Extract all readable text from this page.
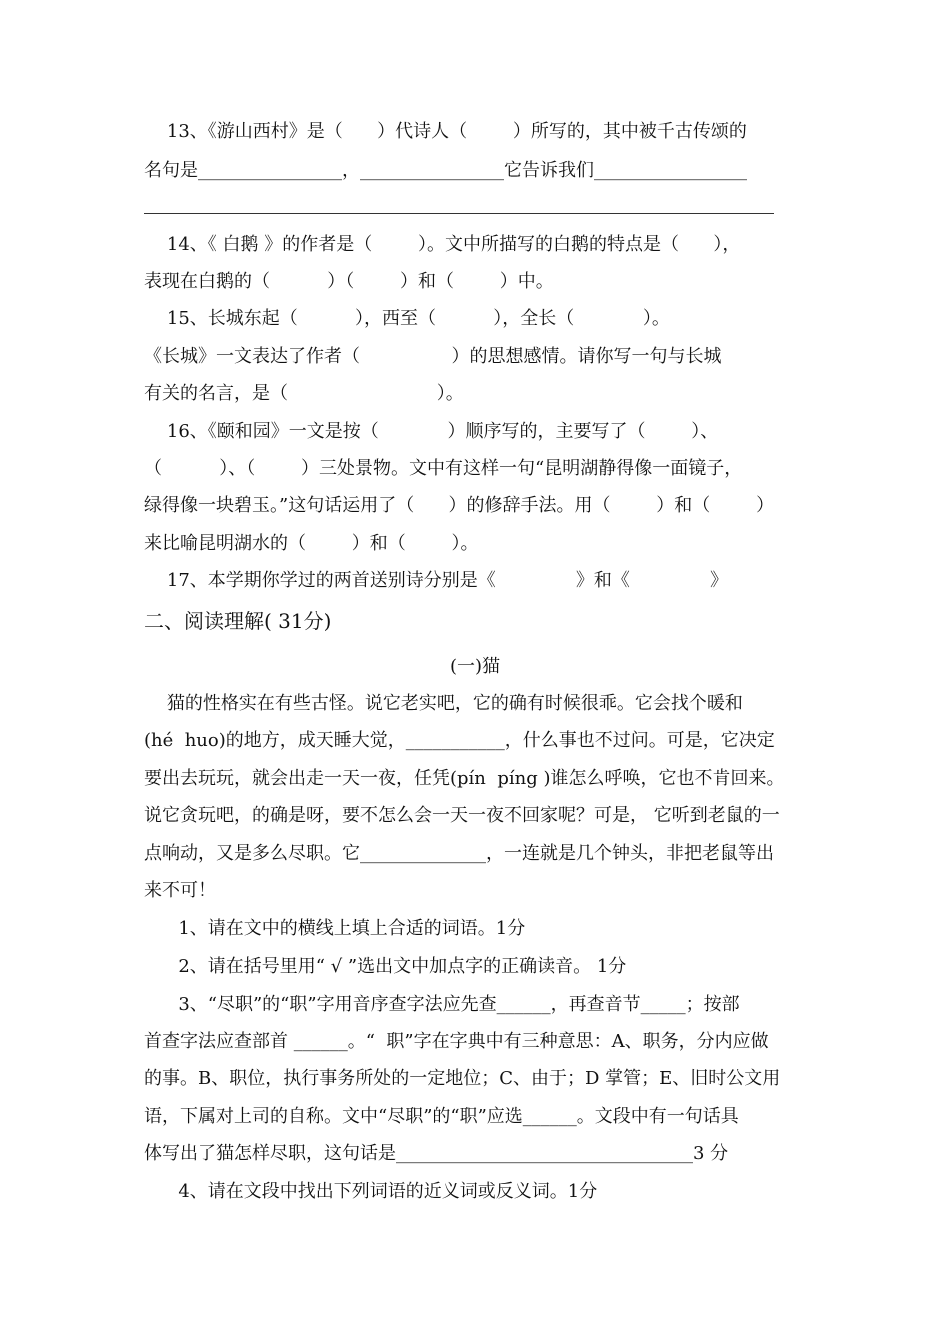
13、《游山西村》是（      ）代诗人（        ）所写的，其中被千古传颂的
名句是________________，________________它告诉我们_________________
14、《 白鹅 》的作者是（        ）。文中所描写的白鹅的特点是（      ），
表现在白鹅的（          ）（        ）和（        ）中。
15、长城东起（          ），西至（          ），全长（            ）。
《长城》一文表达了作者（                ）的思想感情。请你写一句与长城
有关的名言，是（                          ）。
16、《颐和园》一文是按（            ）顺序写的，主要写了（        ）、
（          ）、（        ）三处景物。文中有这样一句“昆明湖静得像一面镜子，
绿得像一块碧玉。”这句话运用了（      ）的修辞手法。用（        ）和（        ）
来比喻昆明湖水的（        ）和（        ）。
17、本学期你学过的两首送别诗分别是《              》和《              》
二、阅读理解( 31分)
(一)猫
猫的性格实在有些古怪。说它老实吧，它的确有时候很乖。它会找个暖和
(hé  huo)的地方，成天睡大觉，___________，什么事也不过问。可是，它决定
要出去玩玩，就会出走一天一夜，任凭(pín  píng )谁怎么呼唤，它也不肯回来。
说它贪玩吧，的确是呀，要不怎么会一天一夜不回家呢？可是， 它听到老鼠的一
点响动，又是多么尽职。它______________，一连就是几个钟头，非把老鼠等出
来不可！
1、请在文中的横线上填上合适的词语。1分
2、请在括号里用“ √ ”选出文中加点字的正确读音。 1分
3、“尽职”的“职”字用音序查字法应先查______，再查音节_____；按部
首查字法应查部首 ______。“  职”字在字典中有三种意思：A、职务，分内应做
的事。B、职位，执行事务所处的一定地位；C、由于；D 掌管；E、旧时公文用
语，下属对上司的自称。文中“尽职”的“职”应选______。文段中有一句话具
体写出了猫怎样尽职，这句话是_________________________________3 分
4、请在文段中找出下列词语的近义词或反义词。1分
